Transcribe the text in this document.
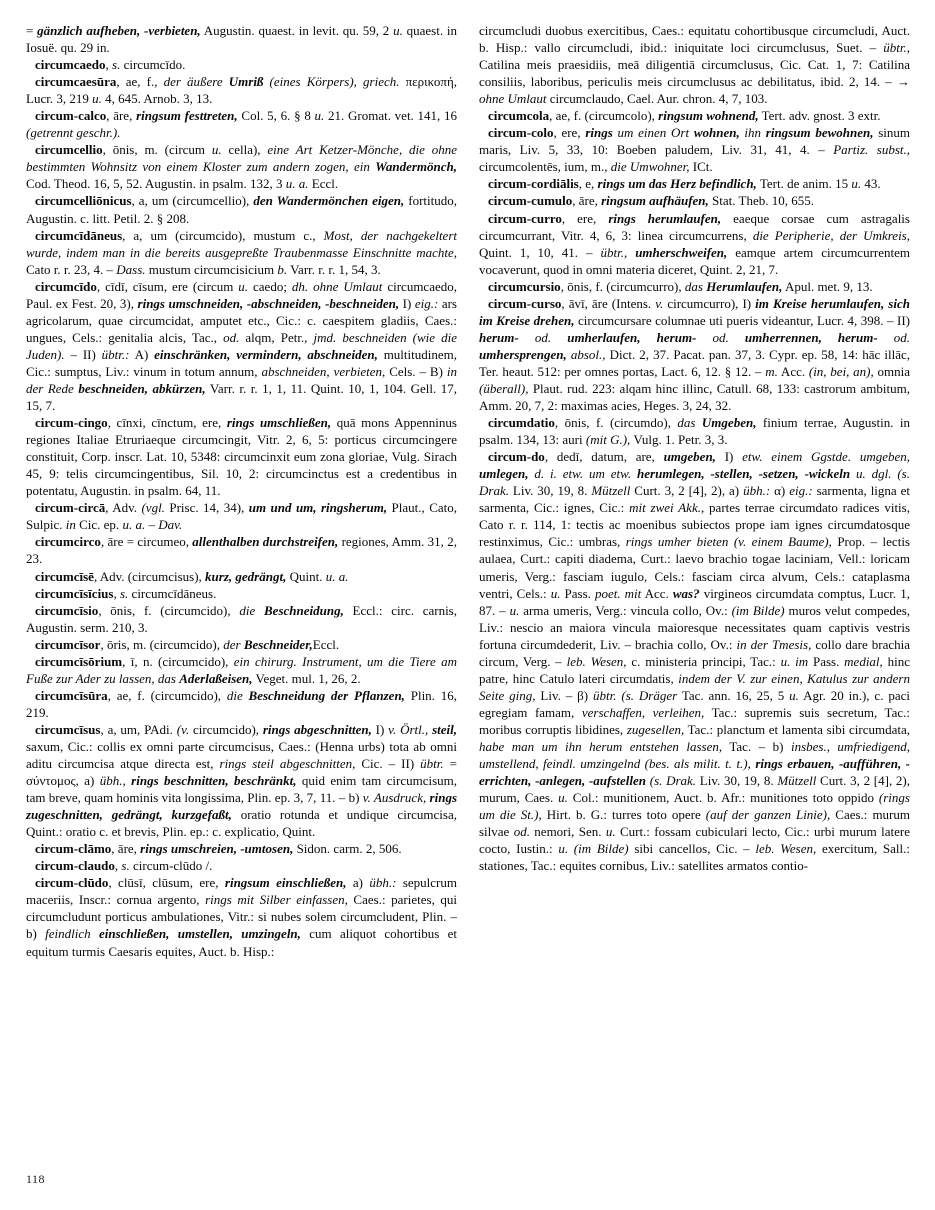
= gänzlich aufheben, -verbieten, Augustin. quaest. in levit. qu. 59, 2 u. quaest. in Iosuë. qu. 29 in.

circumcaedo, s. circumcīdo.

circumcaesūra, ae, f., der äußere Umriß (eines Körpers), griech. περικοπή, Lucr. 3, 219 u. 4, 645. Arnob. 3, 13.

circum-calco, āre, ringsum festtreten, Col. 5, 6. § 8 u. 21. Gromat. vet. 141, 16 (getrennt geschr.).

circumcellio, ōnis, m. (circum u. cella), eine Art Ketzer-Mönche, die ohne bestimmten Wohnsitz von einem Kloster zum andern zogen, ein Wandermönch, Cod. Theod. 16, 5, 52. Augustin. in psalm. 132, 3 u. a. Eccl.

circumcelliōnicus, a, um (circumcellio), den Wandermönchen eigen, fortitudo, Augustin. c. litt. Petil. 2. § 208.

circumcīdāneus, a, um (circumcido), mustum c., Most, der nachgekeltert wurde, indem man in die bereits ausgepreßte Traubenmasse Einschnitte machte, Cato r. r. 23, 4. – Dass. mustum circumcisicium b. Varr. r. r. 1, 54, 3.

circumcīdo, cīdī, cīsum, ere (circum u. caedo; dh. ohne Umlaut circumcaedo, Paul. ex Fest. 20, 3), rings umschneiden, -abschneiden, -beschneiden, I) eig.: ars agricolarum, quae circumcidat, amputet etc., Cic.: c. caespitem gladiis, Caes.: ungues, Cels.: genitalia alcis, Tac., od. alqm, Petr., jmd. beschneiden (wie die Juden). – II) übtr.: A) einschränken, vermindern, abschneiden, multitudinem, Cic.: sumptus, Liv.: vinum in totum annum, abschneiden, verbieten, Cels. – B) in der Rede beschneiden, abkürzen, Varr. r. r. 1, 1, 11. Quint. 10, 1, 104. Gell. 17, 15, 7.

circum-cingo, cīnxi, cīnctum, ere, rings umschließen, quā mons Appenninus regiones Italiae Etruriaeque circumcingit, Vitr. 2, 6, 5: porticus circumcingere constituit, Corp. inscr. Lat. 10, 5348: circumcinxit eum zona gloriae, Vulg. Sirach 45, 9: telis circumcingentibus, Sil. 10, 2: circumcinctus est a credentibus in potentatu, Augustin. in psalm. 64, 11.

circum-circā, Adv. (vgl. Prisc. 14, 34), um und um, ringsherum, Plaut., Cato, Sulpic. in Cic. ep. u. a. – Dav.

circumcirco, āre = circumeo, allenthalben durchstreifen, regiones, Amm. 31, 2, 23.

circumcīsē, Adv. (circumcisus), kurz, gedrängt, Quint. u. a.

circumcīsīcius, s. circumcīdāneus.

circumcīsio, ōnis, f. (circumcido), die Beschneidung, Eccl.: circ. carnis, Augustin. serm. 210, 3.

circumcīsor, ōris, m. (circumcido), der Beschneider,Eccl.

circumcīsōrium, ī, n. (circumcido), ein chirurg. Instrument, um die Tiere am Fuße zur Ader zu lassen, das Aderlaßeisen, Veget. mul. 1, 26, 2.

circumcīsūra, ae, f. (circumcido), die Beschneidung der Pflanzen, Plin. 16, 219.

circumcīsus, a, um, PAdi. (v. circumcido), rings abgeschnitten, I) v. Örtl., steil, saxum, Cic.: collis ex omni parte circumcisus, Caes.: (Henna urbs) tota ab omni aditu circumcisa atque directa est, rings steil abgeschnitten, Cic. – II) übtr. = σύντομος, a) übh., rings beschnitten, beschränkt, quid enim tam circumcisum, tam breve, quam hominis vita longissima, Plin. ep. 3, 7, 11. – b) v. Ausdruck, rings zugeschnitten, gedrängt, kurzgefaßt, oratio rotunda et undique circumcisa, Quint.: oratio c. et brevis, Plin. ep.: c. explicatio, Quint.

circum-clāmo, āre, rings umschreien, -umtosen, Sidon. carm. 2, 506.

circum-claudo, s. circum-clūdo /.

circum-clūdo, clūsī, clūsum, ere, ringsum einschließen, a) übh.: sepulcrum maceriis, Inscr.: cornua argento, rings mit Silber einfassen, Caes.: parietes, qui circumcludunt porticus ambulationes, Vitr.: si nubes solem circumcludent, Plin. – b) feindlich einschließen, umstellen, umzingeln, cum aliquot cohortibus et equitum turmis Caesaris equites, Auct. b. Hisp.:

circumcludi duobus exercitibus, Caes.: equitatu cohortibusque circumcludi, Auct. b. Hisp.: vallo circumcludi, ibid.: iniquitate loci circumclusus, Suet. – übtr., Catilina meis praesidiis, meā diligentiā circumclusus, Cic. Cat. 1, 7: Catilina consiliis, laboribus, periculis meis circumclusus ac debilitatus, ibid. 2, 14. – → ohne Umlaut circumclaudo, Cael. Aur. chron. 4, 7, 103.

circumcola, ae, f. (circumcolo), ringsum wohnend, Tert. adv. gnost. 3 extr.

circum-colo, ere, rings um einen Ort wohnen, ihn ringsum bewohnen, sinum maris, Liv. 5, 33, 10: Boeben paludem, Liv. 31, 41, 4. – Partiz. subst., circumcolentēs, ium, m., die Umwohner, ICt.

circum-cordiālis, e, rings um das Herz befindlich, Tert. de anim. 15 u. 43.

circum-cumulo, āre, ringsum aufhäufen, Stat. Theb. 10, 655.

circum-curro, ere, rings herumlaufen, eaeque corsae cum astragalis circumcurrant, Vitr. 4, 6, 3: linea circumcurrens, die Peripherie, der Umkreis, Quint. 1, 10, 41. – übtr., umherschweifen, eamque artem circumcurrentem vocaverunt, quod in omni materia diceret, Quint. 2, 21, 7.

circumcursio, ōnis, f. (circumcurro), das Herumlaufen, Apul. met. 9, 13.

circum-curso, āvī, āre (Intens. v. circumcurro), I) im Kreise herumlaufen, sich im Kreise drehen, circumcursare columnae uti pueris videantur, Lucr. 4, 398. – II) herum- od. umherlaufen, herum- od. umherrennen, herum- od. umhersprengen, absol., Dict. 2, 37. Pacat. pan. 37, 3. Cypr. ep. 58, 14: hāc illāc, Ter. heaut. 512: per omnes portas, Lact. 6, 12. § 12. – m. Acc. (in, bei, an), omnia (überall), Plaut. rud. 223: alqam hinc illinc, Catull. 68, 133: castrorum ambitum, Amm. 20, 7, 2: maximas acies, Heges. 3, 24, 32.

circumdatio, ōnis, f. (circumdo), das Umgeben, finium terrae, Augustin. in psalm. 134, 13: auri (mit G.), Vulg. 1. Petr. 3, 3.

circum-do, dedī, datum, are, umgeben, I) etw. einem Ggstde. umgeben, umlegen, d. i. etw. um etw. herumlegen, -stellen, -setzen, -wickeln u. dgl. (s. Drak. Liv. 30, 19, 8. Mützell Curt. 3, 2 [4], 2), a) übh.: α) eig.: sarmenta, ligna et sarmenta, Cic.: ignes, Cic.: mit zwei Akk., partes terrae circumdato radices vitis, Cato r. r. 114, 1: tectis ac moenibus subiectos prope iam ignes circumdatosque restinximus, Cic.: umbras, rings umher bieten (v. einem Baume), Prop. – lectis aulaea, Curt.: capiti diadema, Curt.: laevo brachio togae laciniam, Vell.: loricam umeris, Verg.: fasciam iugulo, Cels.: fasciam circa alvum, Cels.: cataplasma ventri, Cels.: u. Pass. poet. mit Acc. was? virgineos circumdata comptus, Lucr. 1, 87. – u. arma umeris, Verg.: vincula collo, Ov.: (im Bilde) muros velut compedes, Liv.: nescio an maiora vincula maioresque necessitates quam captivis vestris fortuna circumdederit, Liv. – brachia collo, Ov.: in der Tmesis, collo dare brachia circum, Verg. – leb. Wesen, c. ministeria principi, Tac.: u. im Pass. medial, hinc patre, hinc Catulo lateri circumdatis, indem der V. zur einen, Katulus zur andern Seite ging, Liv. – β) übtr. (s. Dräger Tac. ann. 16, 25, 5 u. Agr. 20 in.), c. paci egregiam famam, verschaffen, verleihen, Tac.: supremis suis secretum, Tac.: moribus corruptis libidines, zugesellen, Tac.: planctum et lamenta sibi circumdata, habe man um ihn herum entstehen lassen, Tac. – b) insbes., umfriedigend, umstellend, feindl. umzingelnd (bes. als milit. t. t.), rings erbauen, -aufführen, -errichten, -anlegen, -aufstellen (s. Drak. Liv. 30, 19, 8. Mützell Curt. 3, 2 [4], 2), murum, Caes. u. Col.: munitionem, Auct. b. Afr.: munitiones toto oppido (rings um die St.), Hirt. b. G.: turres toto opere (auf der ganzen Linie), Caes.: murum silvae od. nemori, Sen. u. Curt.: fossam cubiculari lecto, Cic.: urbi murum latere cocto, Iustin.: u. (im Bilde) sibi cancellos, Cic. – leb. Wesen, exercitum, Sall.: stationes, Tac.: equites cornibus, Liv.: satellites armatos contio-

118
